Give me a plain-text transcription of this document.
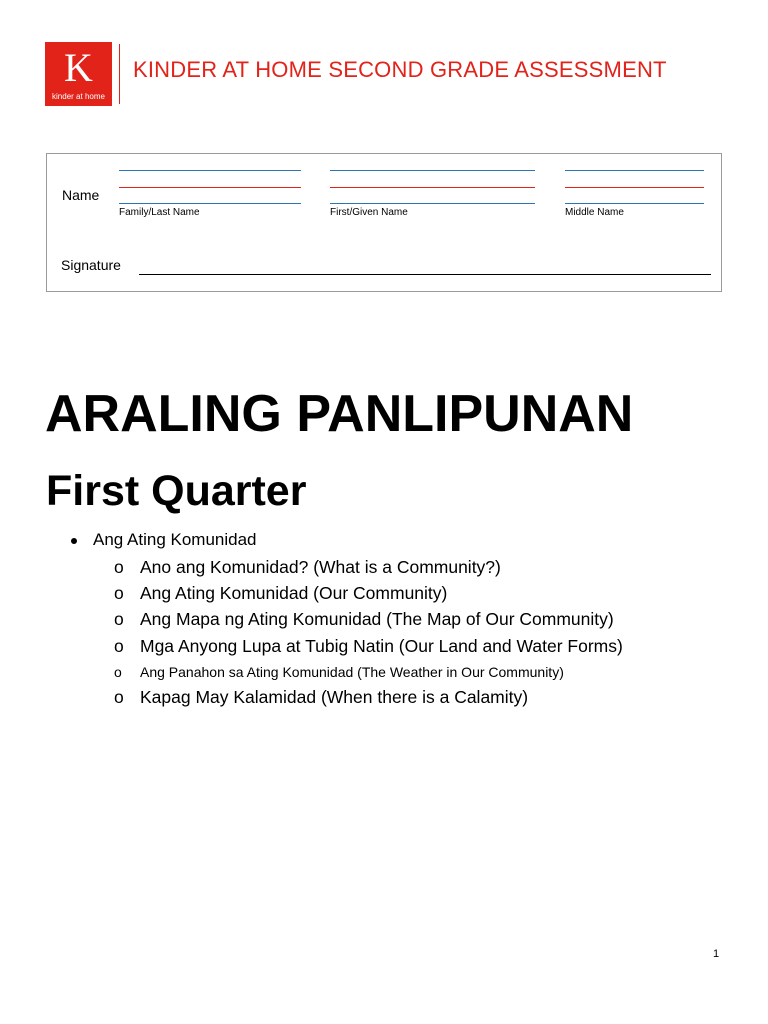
K
kinder at home
KINDER AT HOME SECOND GRADE ASSESSMENT
Name
Family/Last Name	First/Given Name	Middle Name
Signature
ARALING PANLIPUNAN
First Quarter
Ang Ating Komunidad
o Ano ang Komunidad? (What is a Community?)
o Ang Ating Komunidad (Our Community)
o Ang Mapa ng Ating Komunidad (The Map of Our Community)
o Mga Anyong Lupa at Tubig Natin (Our Land and Water Forms)
o Ang Panahon sa Ating Komunidad (The Weather in Our Community)
o Kapag May Kalamidad (When there is a Calamity)
1
